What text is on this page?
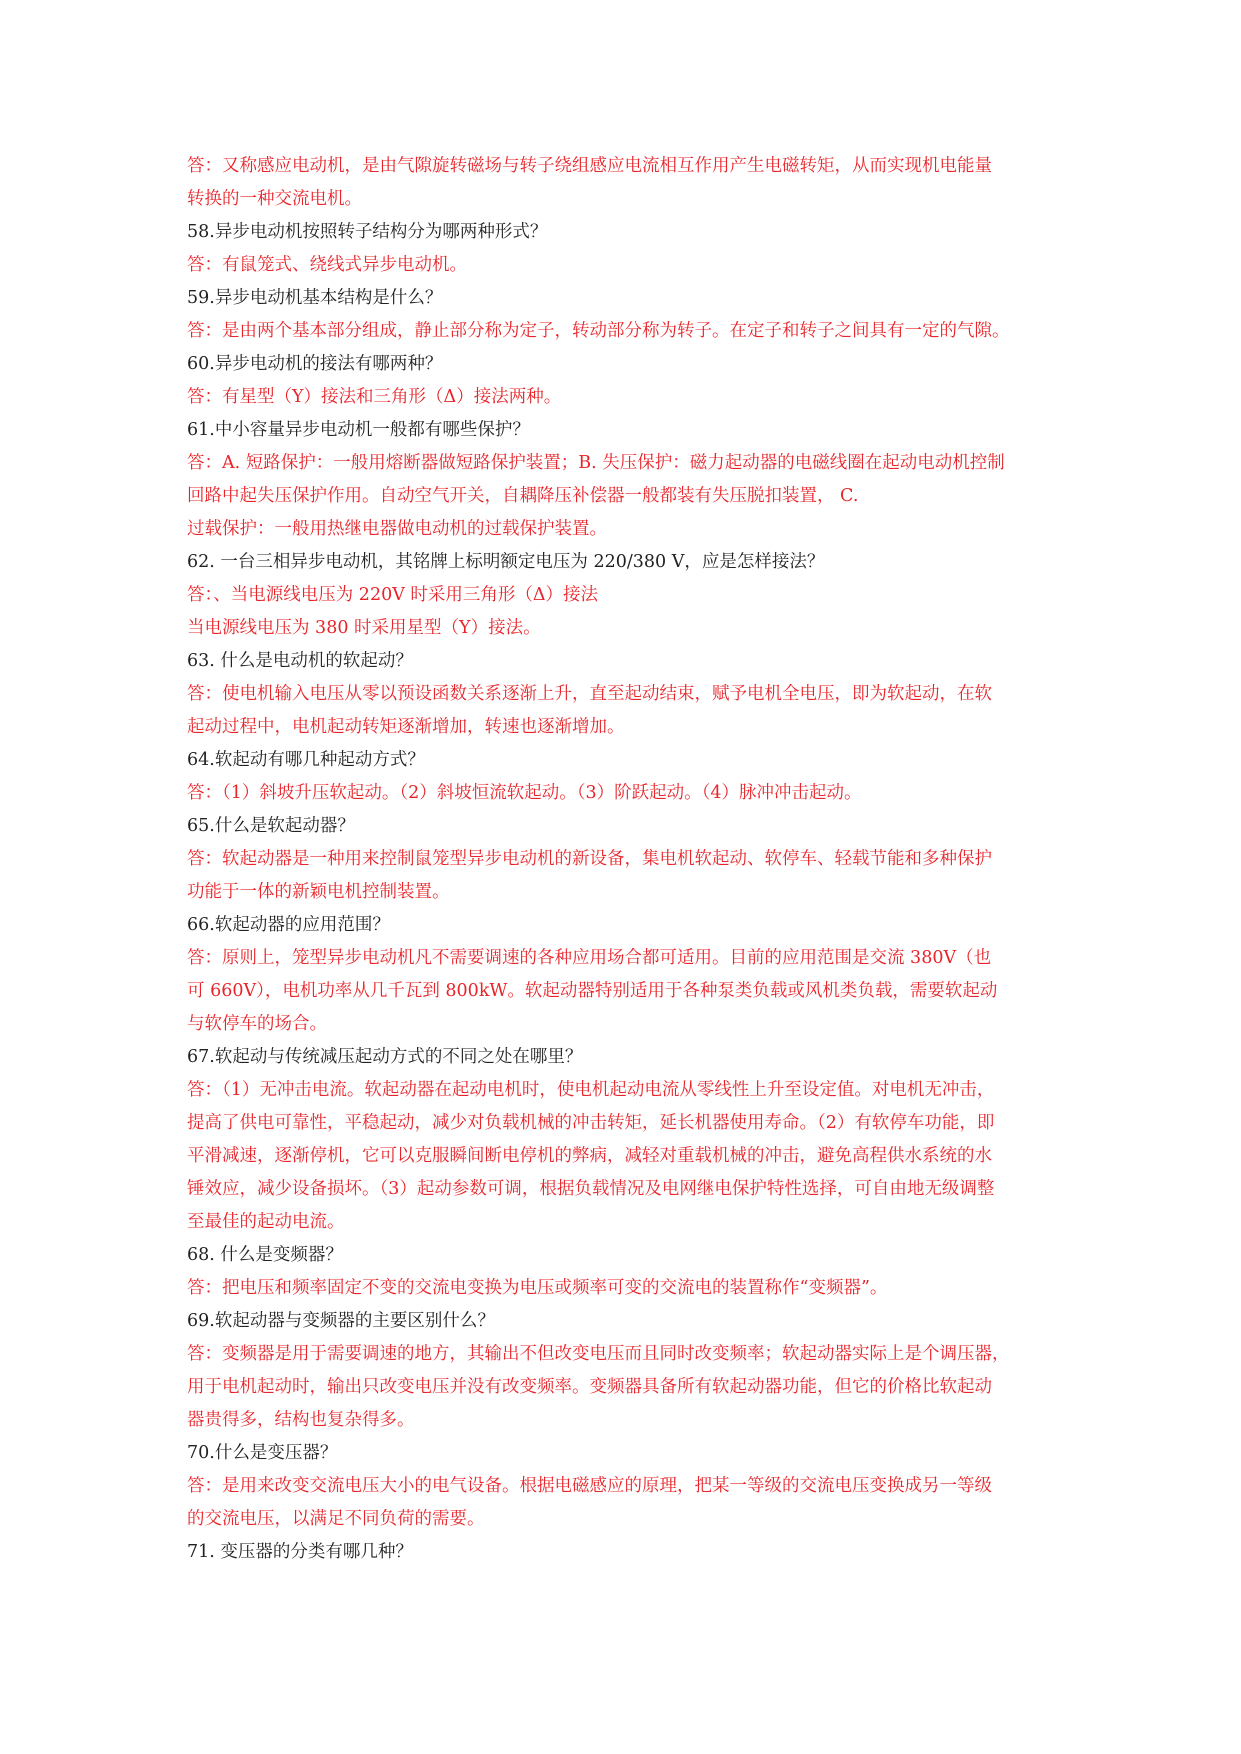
答：又称感应电动机，是由气隙旋转磁场与转子绕组感应电流相互作用产生电磁转矩，从而实现机电能量
转换的一种交流电机。
58.异步电动机按照转子结构分为哪两种形式？
答：有鼠笼式、绕线式异步电动机。
59.异步电动机基本结构是什么？
答：是由两个基本部分组成，静止部分称为定子，转动部分称为转子。在定子和转子之间具有一定的气隙。
60.异步电动机的接法有哪两种？
答：有星型（Y）接法和三角形（Δ）接法两种。
61.中小容量异步电动机一般都有哪些保护？
答：A. 短路保护：一般用熔断器做短路保护装置；B. 失压保护：磁力起动器的电磁线圈在起动电动机控制
回路中起失压保护作用。自动空气开关，自耦降压补偿器一般都装有失压脱扣装置， C.
过载保护：一般用热继电器做电动机的过载保护装置。
62. 一台三相异步电动机，其铭牌上标明额定电压为 220/380 V，应是怎样接法？
答：、当电源线电压为 220V 时采用三角形（Δ）接法
当电源线电压为 380 时采用星型（Y）接法。
63. 什么是电动机的软起动？
答：使电机输入电压从零以预设函数关系逐渐上升，直至起动结束，赋予电机全电压，即为软起动，在软
起动过程中，电机起动转矩逐渐增加，转速也逐渐增加。
64.软起动有哪几种起动方式？
答：（1）斜坡升压软起动。（2）斜坡恒流软起动。（3）阶跃起动。（4）脉冲冲击起动。
65.什么是软起动器？
答：软起动器是一种用来控制鼠笼型异步电动机的新设备，集电机软起动、软停车、轻载节能和多种保护
功能于一体的新颖电机控制装置。
66.软起动器的应用范围？
答：原则上，笼型异步电动机凡不需要调速的各种应用场合都可适用。目前的应用范围是交流 380V（也
可 660V），电机功率从几千瓦到 800kW。软起动器特别适用于各种泵类负载或风机类负载，需要软起动
与软停车的场合。
67.软起动与传统减压起动方式的不同之处在哪里？
答：（1）无冲击电流。软起动器在起动电机时，使电机起动电流从零线性上升至设定值。对电机无冲击，
提高了供电可靠性，平稳起动，减少对负载机械的冲击转矩，延长机器使用寿命。（2）有软停车功能，即
平滑减速，逐渐停机，它可以克服瞬间断电停机的弊病，减轻对重载机械的冲击，避免高程供水系统的水
锤效应，减少设备损坏。（3）起动参数可调，根据负载情况及电网继电保护特性选择，可自由地无级调整
至最佳的起动电流。
68. 什么是变频器？
答：把电压和频率固定不变的交流电变换为电压或频率可变的交流电的装置称作“变频器”。
69.软起动器与变频器的主要区别什么？
答：变频器是用于需要调速的地方，其输出不但改变电压而且同时改变频率；软起动器实际上是个调压器，
用于电机起动时，输出只改变电压并没有改变频率。变频器具备所有软起动器功能，但它的价格比软起动
器贵得多，结构也复杂得多。
70.什么是变压器？
答：是用来改变交流电压大小的电气设备。根据电磁感应的原理，把某一等级的交流电压变换成另一等级
的交流电压，以满足不同负荷的需要。
71. 变压器的分类有哪几种？
